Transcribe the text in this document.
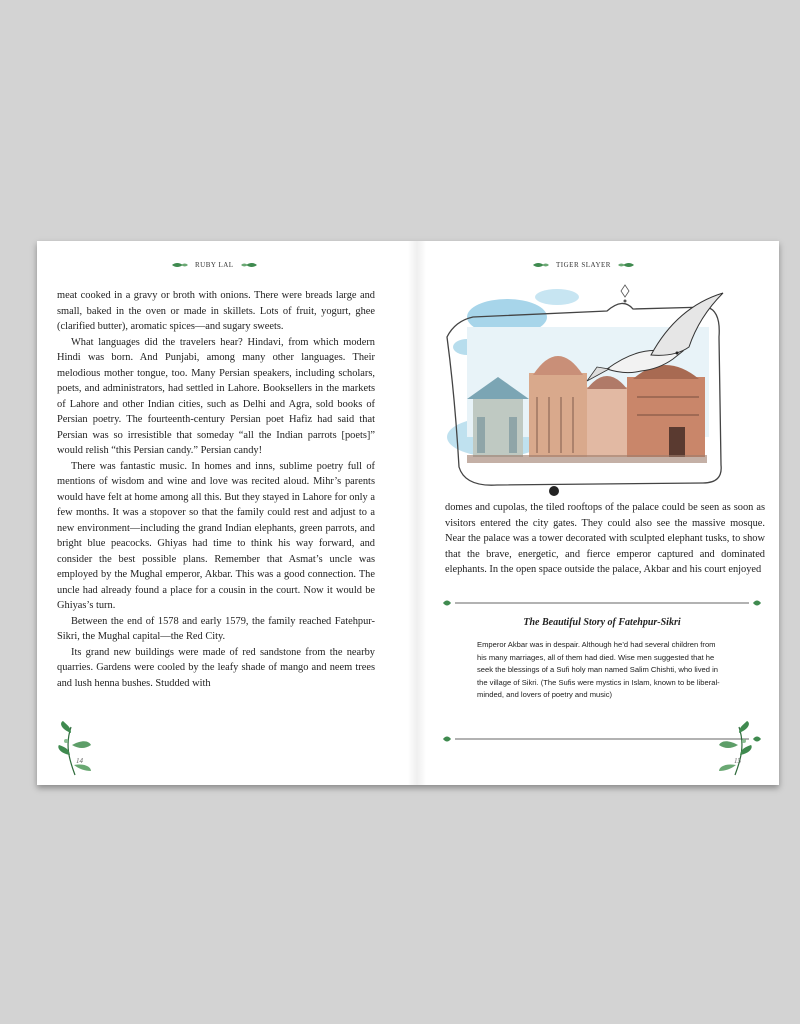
RUBY LAL

meat cooked in a gravy or broth with onions. There were breads large and small, baked in the oven or made in skillets. Lots of fruit, yogurt, ghee (clarified butter), aromatic spices—and sugary sweets.

What languages did the travelers hear? Hindavi, from which modern Hindi was born. And Punjabi, among many other languages. Their melodious mother tongue, too. Many Persian speakers, including scholars, poets, and administrators, had settled in Lahore. Booksellers in the markets of Lahore and other Indian cities, such as Delhi and Agra, sold books of Persian poetry. The fourteenth-century Persian poet Hafiz had said that Persian was so irresistible that someday “all the Indian parrots [poets]” would relish “this Persian candy.” Persian candy!

There was fantastic music. In homes and inns, sublime poetry full of mentions of wisdom and wine and love was recited aloud. Mihr’s parents would have felt at home among all this. But they stayed in Lahore for only a few months. It was a stopover so that the family could rest and adjust to a new environment—including the grand Indian elephants, green parrots, and bright blue peacocks. Ghiyas had time to think his way forward, and consider the best possible plans. Remember that Asmat’s uncle was employed by the Mughal emperor, Akbar. This was a good connection. The uncle had already found a place for a cousin in the court. Now it would be Ghiyas’s turn.

Between the end of 1578 and early 1579, the family reached Fatehpur-Sikri, the Mughal capital—the Red City.

Its grand new buildings were made of red sandstone from the nearby quarries. Gardens were cooled by the leafy shade of mango and neem trees and lush henna bushes. Studded with

14
TIGER SLAYER

domes and cupolas, the tiled rooftops of the palace could be seen as soon as visitors entered the city gates. They could also see the massive mosque. Near the palace was a tower decorated with sculpted elephant tusks, to show that the brave, energetic, and fierce emperor captured and dominated elephants. In the open space outside the palace, Akbar and his court enjoyed

The Beautiful Story of Fatehpur-Sikri
Emperor Akbar was in despair. Although he’d had several children from his many marriages, all of them had died. Wise men suggested that he seek the blessings of a Sufi holy man named Salim Chishti, who lived in the village of Sikri. (The Sufis were mystics in Islam, known to be liberal-minded, and lovers of poetry and music)
15
